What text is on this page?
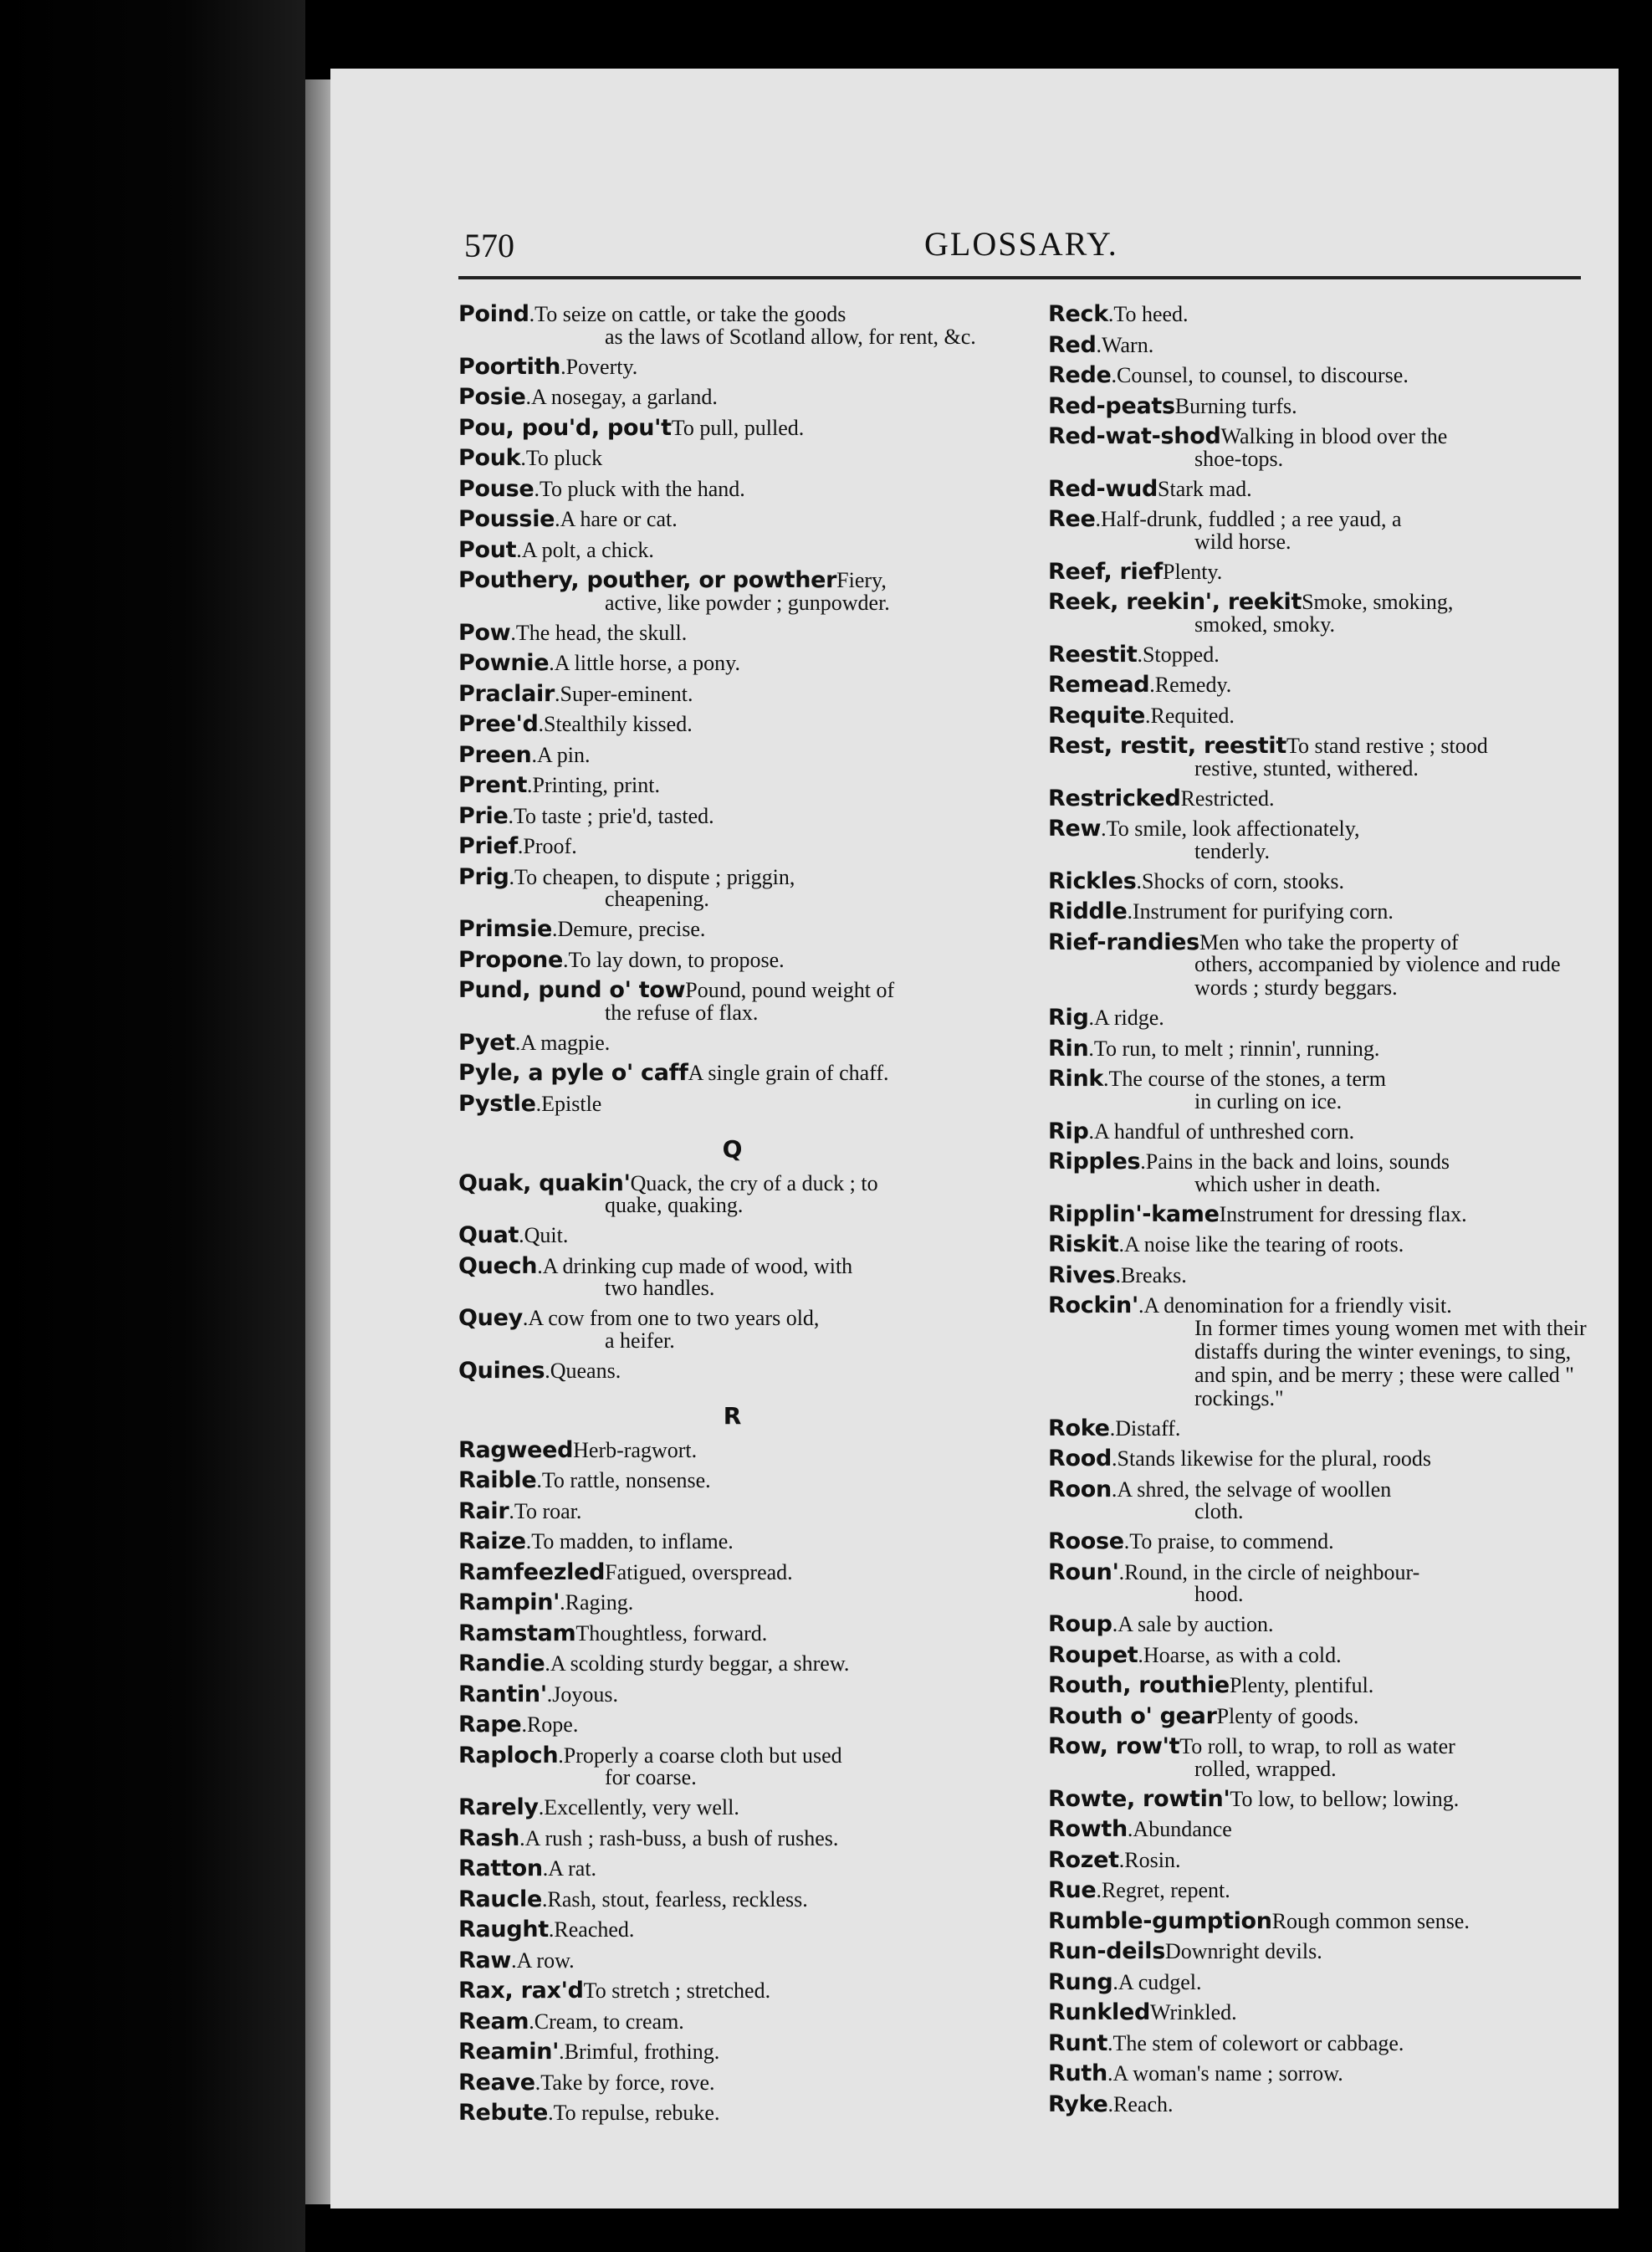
570	GLOSSARY.
Poind.To seize on cattle, or take the goods
as the laws of Scotland allow, for rent, &c.
Poortith.Poverty.
Posie.A nosegay, a garland.
Pou, pou'd, pou'tTo pull, pulled.
Pouk.To pluck
Pouse.To pluck with the hand.
Poussie.A hare or cat.
Pout.A polt, a chick.
Pouthery, pouther, or powtherFiery,
active, like powder ; gunpowder.
Pow.The head, the skull.
Pownie.A little horse, a pony.
Praclair.Super-eminent.
Pree'd.Stealthily kissed.
Preen.A pin.
Prent.Printing, print.
Prie.To taste ; prie'd, tasted.
Prief.Proof.
Prig.To cheapen, to dispute ; priggin,
cheapening.
Primsie.Demure, precise.
Propone.To lay down, to propose.
Pund, pund o' towPound, pound weight of
the refuse of flax.
Pyet.A magpie.
Pyle, a pyle o' caffA single grain of chaff.
Pystle.Epistle
Q
Quak, quakin'Quack, the cry of a duck ; to
quake, quaking.
Quat.Quit.
Quech.A drinking cup made of wood, with
two handles.
Quey.A cow from one to two years old,
a heifer.
Quines.Queans.
R
RagweedHerb-ragwort.
Raible.To rattle, nonsense.
Rair.To roar.
Raize.To madden, to inflame.
RamfeezledFatigued, overspread.
Rampin'.Raging.
RamstamThoughtless, forward.
Randie.A scolding sturdy beggar, a shrew.
Rantin'.Joyous.
Rape.Rope.
Raploch.Properly a coarse cloth but used
for coarse.
Rarely.Excellently, very well.
Rash.A rush ; rash-buss, a bush of rushes.
Ratton.A rat.
Raucle.Rash, stout, fearless, reckless.
Raught.Reached.
Raw.A row.
Rax, rax'dTo stretch ; stretched.
Ream.Cream, to cream.
Reamin'.Brimful, frothing.
Reave.Take by force, rove.
Rebute.To repulse, rebuke.
Reck.To heed.
Red.Warn.
Rede.Counsel, to counsel, to discourse.
Red-peatsBurning turfs.
Red-wat-shodWalking in blood over the
shoe-tops.
Red-wudStark mad.
Ree.Half-drunk, fuddled ; a ree yaud, a
wild horse.
Reef, riefPlenty.
Reek, reekin', reekitSmoke, smoking,
smoked, smoky.
Reestit.Stopped.
Remead.Remedy.
Requite.Requited.
Rest, restit, reestitTo stand restive ; stood
restive, stunted, withered.
RestrickedRestricted.
Rew.To smile, look affectionately,
tenderly.
Rickles.Shocks of corn, stooks.
Riddle.Instrument for purifying corn.
Rief-randiesMen who take the property of
others, accompanied by violence and rude words ; sturdy beggars.
Rig.A ridge.
Rin.To run, to melt ; rinnin', running.
Rink.The course of the stones, a term
in curling on ice.
Rip.A handful of unthreshed corn.
Ripples.Pains in the back and loins, sounds
which usher in death.
Ripplin'-kameInstrument for dressing flax.
Riskit.A noise like the tearing of roots.
Rives.Breaks.
Rockin'.A denomination for a friendly visit.
In former times young women met with their distaffs during the winter evenings, to sing, and spin, and be merry ; these were called " rockings."
Roke.Distaff.
Rood.Stands likewise for the plural, roods
Roon.A shred, the selvage of woollen
cloth.
Roose.To praise, to commend.
Roun'.Round, in the circle of neighbour-
hood.
Roup.A sale by auction.
Roupet.Hoarse, as with a cold.
Routh, routhiePlenty, plentiful.
Routh o' gearPlenty of goods.
Row, row'tTo roll, to wrap, to roll as water
rolled, wrapped.
Rowte, rowtin'To low, to bellow; lowing.
Rowth.Abundance
Rozet.Rosin.
Rue.Regret, repent.
Rumble-gumptionRough common sense.
Run-deilsDownright devils.
Rung.A cudgel.
RunkledWrinkled.
Runt.The stem of colewort or cabbage.
Ruth.A woman's name ; sorrow.
Ryke.Reach.
